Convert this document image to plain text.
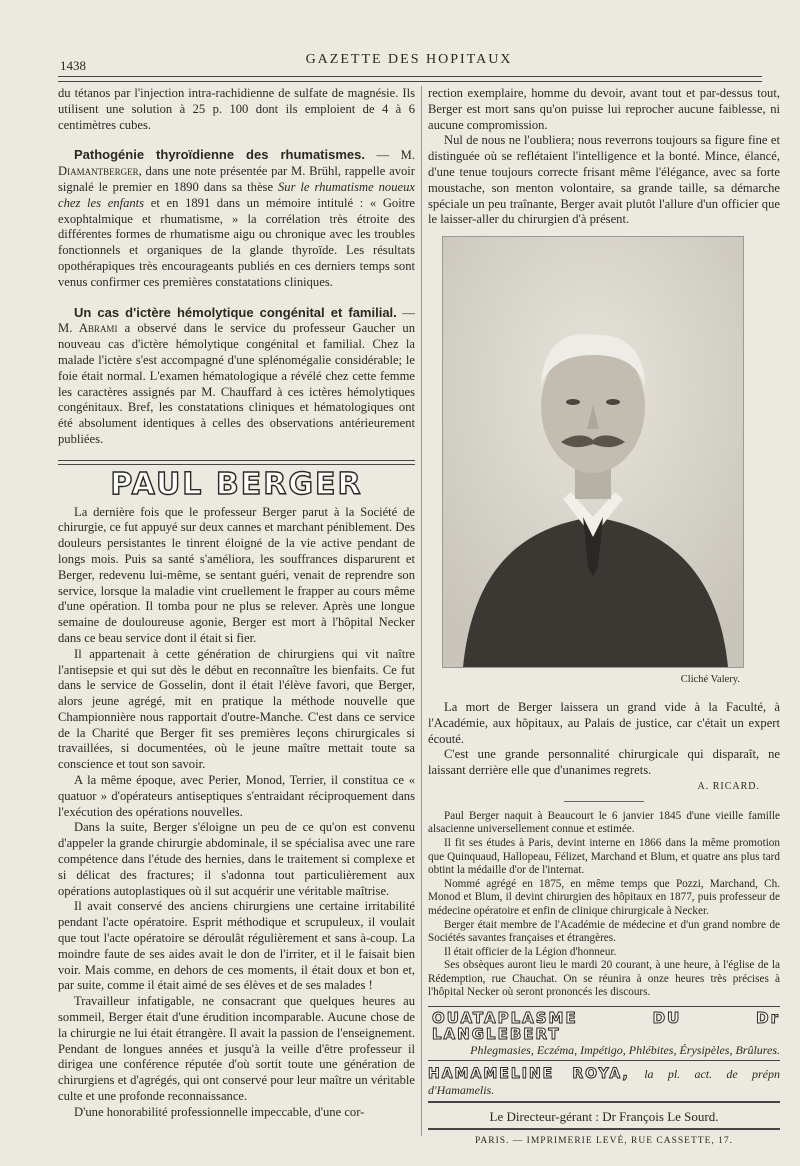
1438	GAZETTE DES HOPITAUX

du tétanos par l'injection intra-rachidienne de sulfate de magnésie. Ils utilisent une solution à 25 p. 100 dont ils emploient de 4 à 6 centimètres cubes.

Pathogénie thyroïdienne des rhumatismes. — M. Diamantberger, dans une note présentée par M. Brühl, rappelle avoir signalé le premier en 1890 dans sa thèse Sur le rhumatisme noueux chez les enfants et en 1891 dans un mémoire intitulé : « Goitre exophtalmique et rhumatisme, » la corrélation très étroite des différentes formes de rhumatisme aigu ou chronique avec les troubles fonctionnels et organiques de la glande thyroïde. Les résultats opothérapiques très encourageants publiés en ces derniers temps sont venus confirmer ces premières constatations cliniques.

Un cas d'ictère hémolytique congénital et familial. — M. Abrami a observé dans le service du professeur Gaucher un nouveau cas d'ictère hémolytique congénital et familial. Chez la malade l'ictère s'est accompagné d'une splénomégalie considérable; le foie était normal. L'examen hématologique a révélé chez cette femme les caractères assignés par M. Chauffard à ces ictères hémolytiques congénitaux. Bref, les constatations cliniques et hématologiques ont été absolument identiques à celles des observations antérieurement publiées.

PAUL BERGER

La dernière fois que le professeur Berger parut à la Société de chirurgie, ce fut appuyé sur deux cannes et marchant péniblement. Des douleurs persistantes le tinrent éloigné de la vie active pendant de longs mois. Puis sa santé s'améliora, les souffrances disparurent et Berger, redevenu lui-même, se sentant guéri, venait de reprendre son service, lorsque la maladie vint cruellement le frapper au cours même d'une opération. Il tomba pour ne plus se relever. Après une longue semaine de douloureuse agonie, Berger est mort à l'hôpital Necker dans ce beau service dont il était si fier.

Il appartenait à cette génération de chirurgiens qui vit naître l'antisepsie et qui sut dès le début en reconnaître les bienfaits. Ce fut dans le service de Gosselin, dont il était l'élève favori, que Berger, alors jeune agrégé, mit en pratique la méthode nouvelle que Championnière nous rapportait d'outre-Manche. C'est dans ce service de la Charité que Berger fit ses premières leçons chirurgicales si travaillées, si documentées, où le jeune maître mettait toute sa conscience et tout son savoir.

A la même époque, avec Perier, Monod, Terrier, il constitua ce « quatuor » d'opérateurs antiseptiques s'entraidant réciproquement dans l'exécution des opérations nouvelles.

Dans la suite, Berger s'éloigne un peu de ce qu'on est convenu d'appeler la grande chirurgie abdominale, il se spécialisa avec une rare compétence dans l'étude des hernies, dans le traitement si complexe et si délicat des fractures; il s'adonna tout particulièrement aux opérations autoplastiques où il sut acquérir une véritable maîtrise.

Il avait conservé des anciens chirurgiens une certaine irritabilité pendant l'acte opératoire. Esprit méthodique et scrupuleux, il voulait que tout l'acte opératoire se déroulât régulièrement et sans à-coup. La moindre faute de ses aides avait le don de l'irriter, et il le faisait bien voir. Mais comme, en dehors de ces moments, il était doux et bon et, par suite, comme il était aimé de ses élèves et de ses malades !

Travailleur infatigable, ne consacrant que quelques heures au sommeil, Berger était d'une érudition incomparable. Aucune chose de la chirurgie ne lui était étrangère. Il avait la passion de l'enseignement. Pendant de longues années et jusqu'à la veille d'être professeur il dirigea une conférence réputée d'où sortit toute une génération de chirurgiens et d'agrégés, qui ont conservé pour leur maître un véritable culte et une profonde reconnaissance.

D'une honorabilité professionnelle impeccable, d'une cor-

rection exemplaire, homme du devoir, avant tout et par-dessus tout, Berger est mort sans qu'on puisse lui reprocher aucune faiblesse, ni aucune compromission.

Nul de nous ne l'oubliera; nous reverrons toujours sa figure fine et distinguée où se reflétaient l'intelligence et la bonté. Mince, élancé, d'une tenue toujours correcte frisant même l'élégance, avec sa forte moustache, son menton volontaire, sa grande taille, sa démarche spéciale un peu traînante, Berger avait plutôt l'allure d'un officier que le laisser-aller du chirurgien d'à présent.

Cliché Valery.

La mort de Berger laissera un grand vide à la Faculté, à l'Académie, aux hôpitaux, au Palais de justice, car c'était un expert écouté.

C'est une grande personnalité chirurgicale qui disparaît, ne laissant derrière elle que d'unanimes regrets.

A. RICARD.

Paul Berger naquit à Beaucourt le 6 janvier 1845 d'une vieille famille alsacienne universellement connue et estimée.

Il fit ses études à Paris, devint interne en 1866 dans la même promotion que Quinquaud, Hallopeau, Félizet, Marchand et Blum, et quatre ans plus tard obtint la médaille d'or de l'internat.

Nommé agrégé en 1875, en même temps que Pozzi, Marchand, Ch. Monod et Blum, il devint chirurgien des hôpitaux en 1877, puis professeur de médecine opératoire et enfin de clinique chirurgicale à Necker.

Berger était membre de l'Académie de médecine et d'un grand nombre de Sociétés savantes françaises et étrangères.

Il était officier de la Légion d'honneur.

Ses obsèques auront lieu le mardi 20 courant, à une heure, à l'église de la Rédemption, rue Chauchat. On se réunira à onze heures très précises à l'hôpital Necker où seront prononcés les discours.

OUATAPLASME DU Dr LANGLEBERT
Phlegmasies, Eczéma, Impétigo, Phlébites, Érysipèles, Brûlures.
HAMAMELINE ROYA, la pl. act. de prépn d'Hamamelis.
Le Directeur-gérant : Dr François Le Sourd.
PARIS. — IMPRIMERIE LEVÉ, RUE CASSETTE, 17.
